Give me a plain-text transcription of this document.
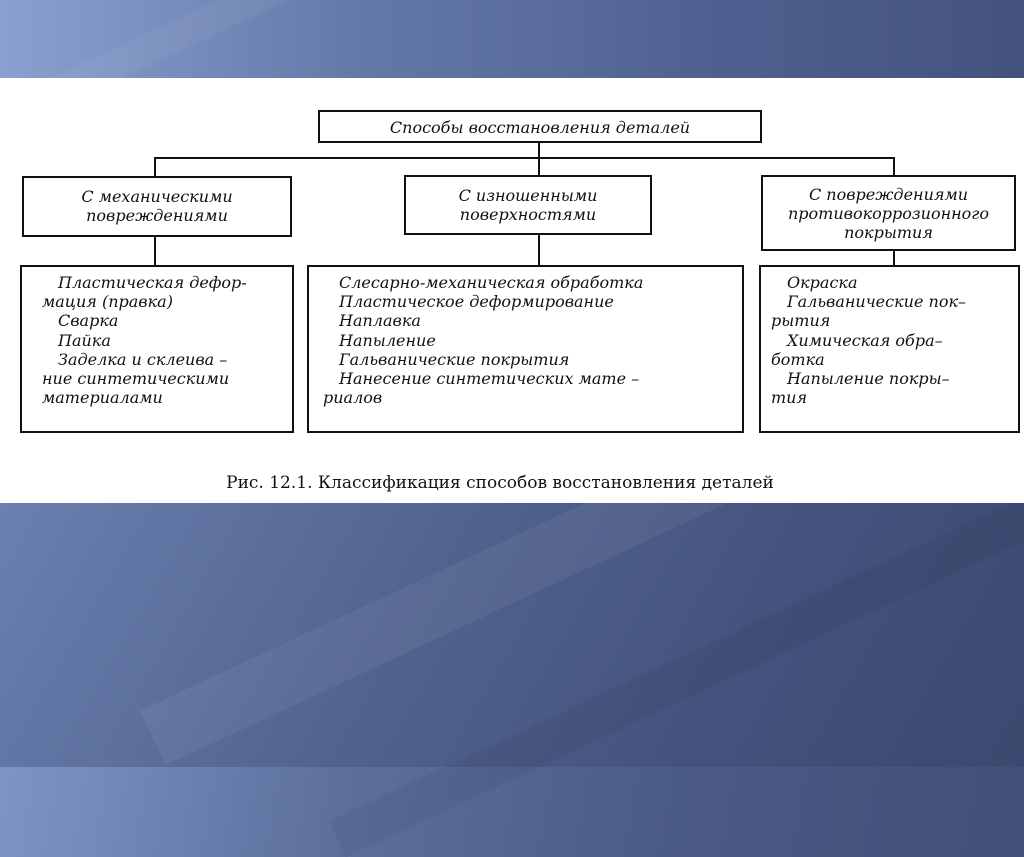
Способы восстановления деталей
С механическими
повреждениями
С изношенными
поверхностями
С повреждениями
противокоррозионного
покрытия
Пластическая дефор-
мация (правка)
Сварка
Пайка
Заделка и склеива –
ние синтетическими
материалами
Слесарно-механическая обработка
Пластическое деформирование
Наплавка
Напыление
Гальванические покрытия
Нанесение синтетических мате –
риалов
Окраска
Гальванические пок–
рытия
Химическая обра–
ботка
Напыление покры–
тия
Рис. 12.1. Классификация способов восстановления деталей
